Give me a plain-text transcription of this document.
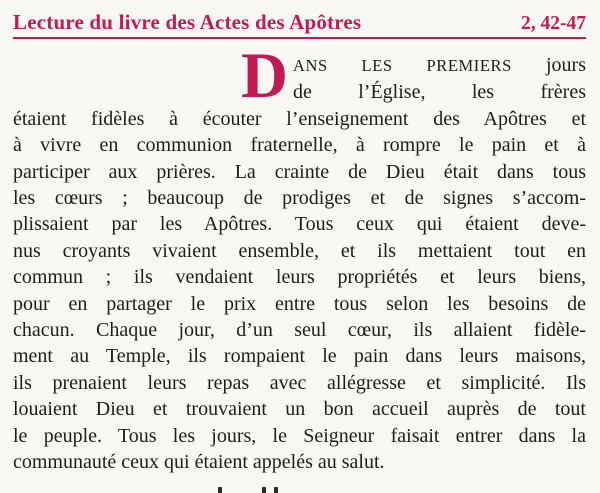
Lecture du livre des Actes des Apôtres	2, 42-47
D ANS LES PREMIERS jours
de l’Église, les frères
étaient fidèles à écouter l’enseignement des Apôtres et
à vivre en communion fraternelle, à rompre le pain et à
participer aux prières. La crainte de Dieu était dans tous
les cœurs ; beaucoup de prodiges et de signes s’accom-
plissaient par les Apôtres. Tous ceux qui étaient deve-
nus croyants vivaient ensemble, et ils mettaient tout en
commun ; ils vendaient leurs propriétés et leurs biens,
pour en partager le prix entre tous selon les besoins de
chacun. Chaque jour, d’un seul cœur, ils allaient fidèle-
ment au Temple, ils rompaient le pain dans leurs maisons,
ils prenaient leurs repas avec allégresse et simplicité. Ils
louaient Dieu et trouvaient un bon accueil auprès de tout
le peuple. Tous les jours, le Seigneur faisait entrer dans la
communauté ceux qui étaient appelés au salut.
